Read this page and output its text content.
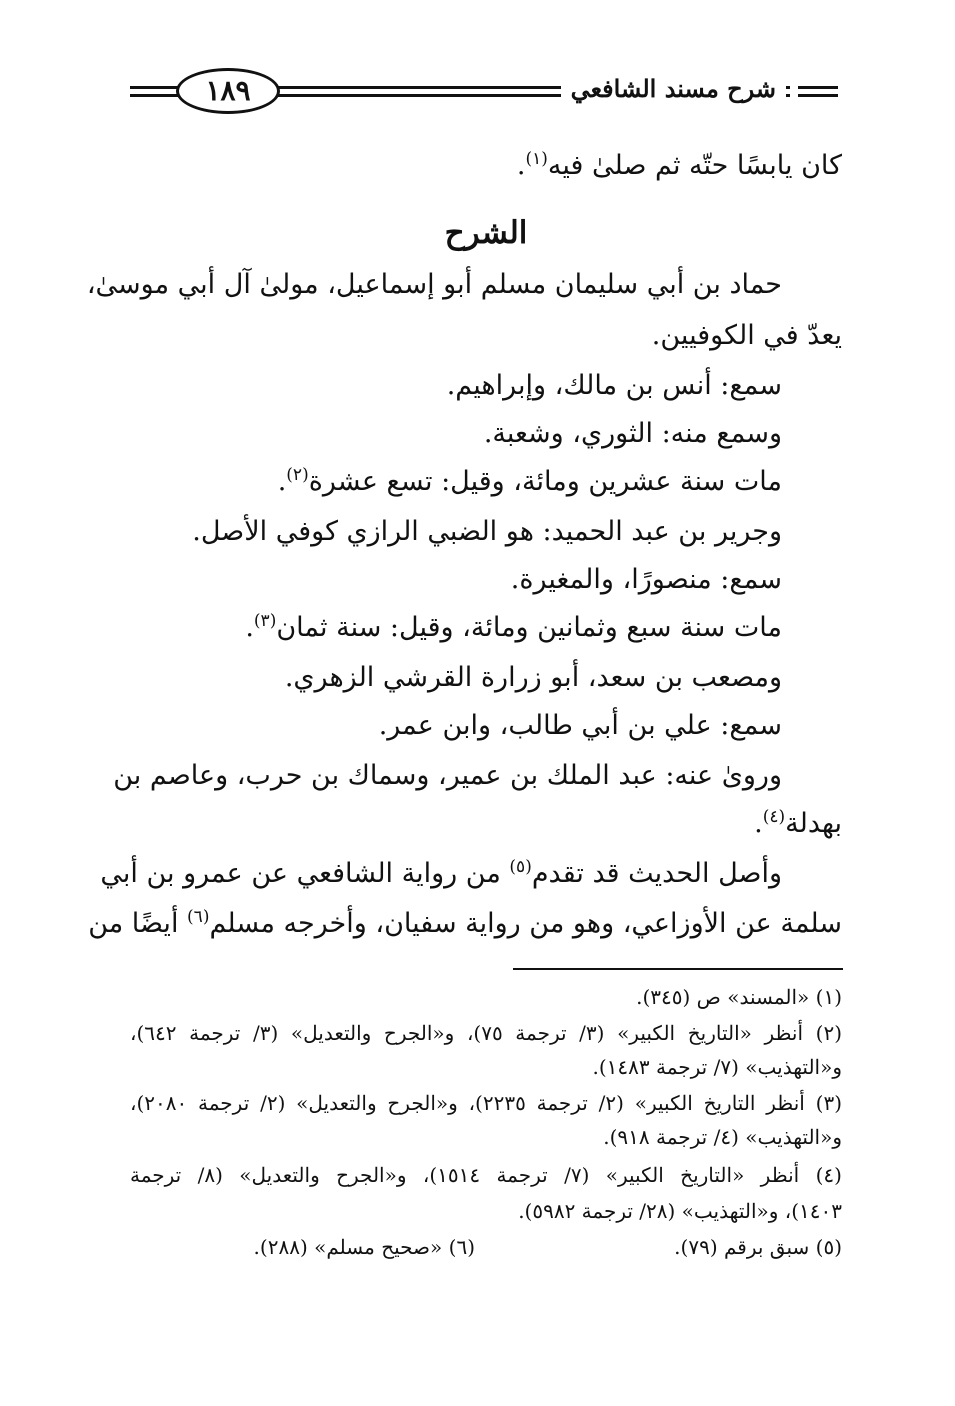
١٨٩	شرح مسند الشافعي
كان يابسًا حتّه ثم صلىٰ فيه$^{(١)}$.
الشرح
حماد بن أبي سليمان مسلم أبو إسماعيل، مولىٰ آل أبي موسىٰ،
يعدّ في الكوفيين.
سمع: أنس بن مالك، وإبراهيم.
وسمع منه: الثوري، وشعبة.
مات سنة عشرين ومائة، وقيل: تسع عشرة$^{(٢)}$.
وجرير بن عبد الحميد: هو الضبي الرازي كوفي الأصل.
سمع: منصورًا، والمغيرة.
مات سنة سبع وثمانين ومائة، وقيل: سنة ثمان$^{(٣)}$.
ومصعب بن سعد، أبو زرارة القرشي الزهري.
سمع: علي بن أبي طالب، وابن عمر.
وروىٰ عنه: عبد الملك بن عمير، وسماك بن حرب، وعاصم بن
بهدلة$^{(٤)}$.
وأصل الحديث قد تقدم$^{(٥)}$ من رواية الشافعي عن عمرو بن أبي
سلمة عن الأوزاعي، وهو من رواية سفيان، وأخرجه مسلم$^{(٦)}$ أيضًا من
(١) «المسند» ص (٣٤٥).
(٢) أنظر «التاريخ الكبير» (٣/ ترجمة ٧٥)، و«الجرح والتعديل» (٣/ ترجمة ٦٤٢)،
و«التهذيب» (٧/ ترجمة ١٤٨٣).
(٣) أنظر التاريخ الكبير» (٢/ ترجمة ٢٢٣٥)، و«الجرح والتعديل» (٢/ ترجمة ٢٠٨٠)،
و«التهذيب» (٤/ ترجمة ٩١٨).
(٤) أنظر «التاريخ الكبير» (٧/ ترجمة ١٥١٤)، و«الجرح والتعديل» (٨/ ترجمة
١٤٠٣)، و«التهذيب» (٢٨/ ترجمة ٥٩٨٢).
(٥) سبق برقم (٧٩).
(٦) «صحيح مسلم» (٢٨٨).
